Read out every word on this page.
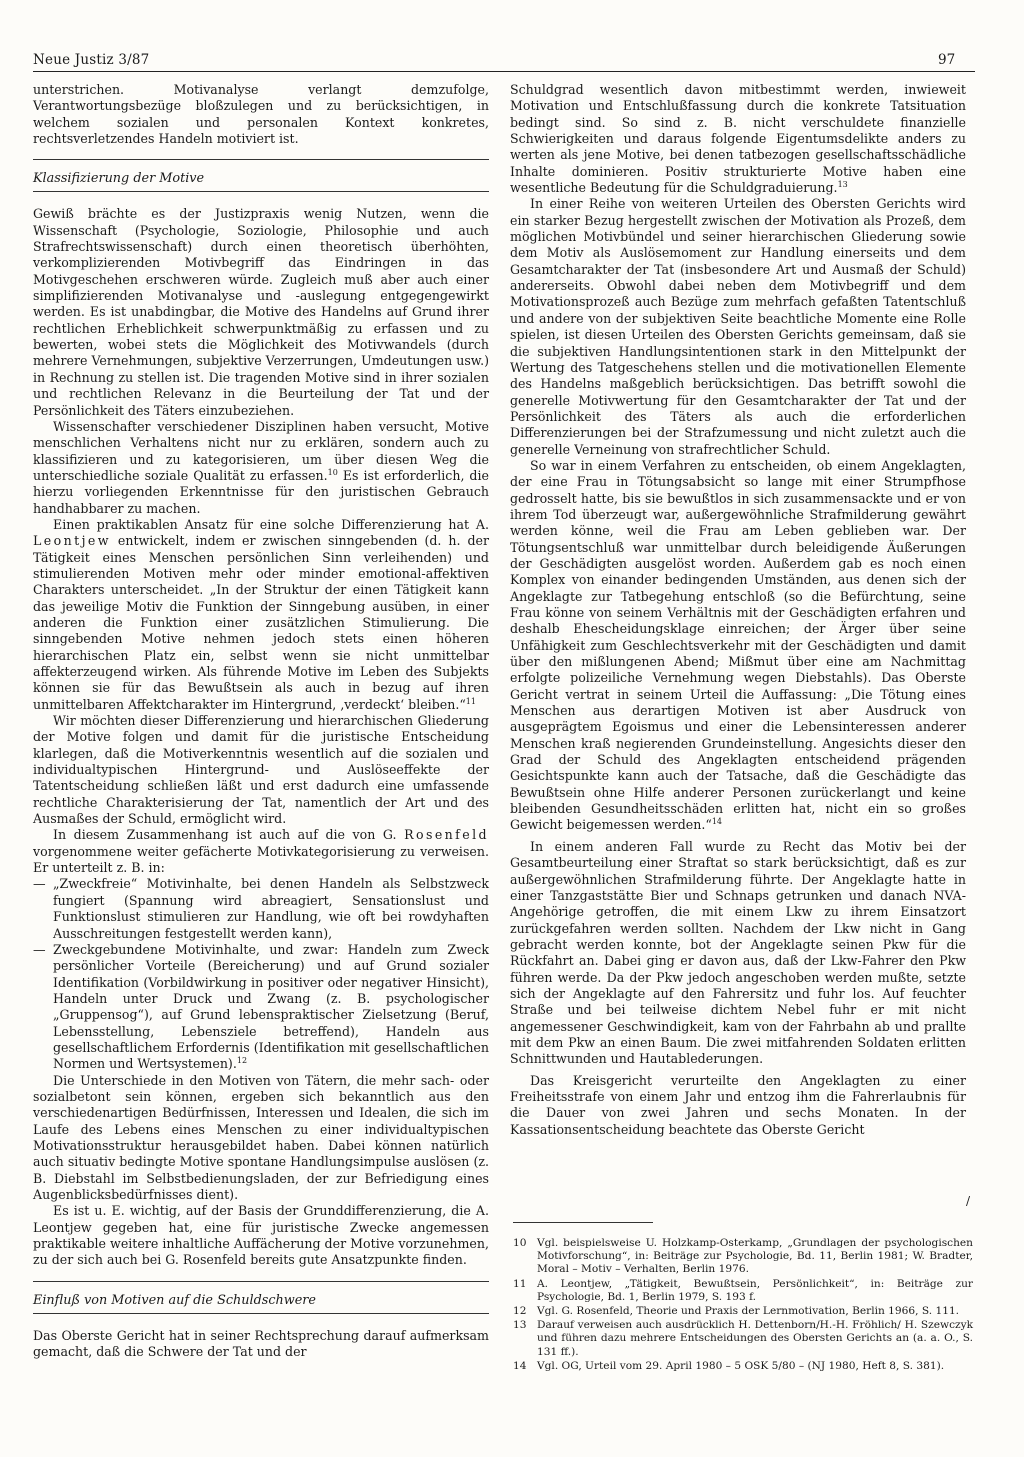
Neue Justiz 3/87	97

unterstrichen. Motivanalyse verlangt demzufolge, Verantwortungsbezüge bloßzulegen und zu berücksichtigen, in welchem sozialen und personalen Kontext konkretes, rechtsverletzendes Handeln motiviert ist.

Klassifizierung der Motive

Gewiß brächte es der Justizpraxis wenig Nutzen, wenn die Wissenschaft (Psychologie, Soziologie, Philosophie und auch Strafrechtswissenschaft) durch einen theoretisch überhöhten, verkomplizierenden Motivbegriff das Eindringen in das Motivgeschehen erschweren würde. Zugleich muß aber auch einer simplifizierenden Motivanalyse und -auslegung entgegengewirkt werden. Es ist unabdingbar, die Motive des Handelns auf Grund ihrer rechtlichen Erheblichkeit schwerpunktmäßig zu erfassen und zu bewerten, wobei stets die Möglichkeit des Motivwandels (durch mehrere Vernehmungen, subjektive Verzerrungen, Umdeutungen usw.) in Rechnung zu stellen ist. Die tragenden Motive sind in ihrer sozialen und rechtlichen Relevanz in die Beurteilung der Tat und der Persönlichkeit des Täters einzubeziehen.

Wissenschafter verschiedener Disziplinen haben versucht, Motive menschlichen Verhaltens nicht nur zu erklären, sondern auch zu klassifizieren und zu kategorisieren, um über diesen Weg die unterschiedliche soziale Qualität zu erfassen.$^{10}$ Es ist erforderlich, die hierzu vorliegenden Erkenntnisse für den juristischen Gebrauch handhabbarer zu machen.

Einen praktikablen Ansatz für eine solche Differenzierung hat A. Leontjew entwickelt, indem er zwischen sinngebenden (d. h. der Tätigkeit eines Menschen persönlichen Sinn verleihenden) und stimulierenden Motiven mehr oder minder emotional-affektiven Charakters unterscheidet. „In der Struktur der einen Tätigkeit kann das jeweilige Motiv die Funktion der Sinngebung ausüben, in einer anderen die Funktion einer zusätzlichen Stimulierung. Die sinngebenden Motive nehmen jedoch stets einen höheren hierarchischen Platz ein, selbst wenn sie nicht unmittelbar affekterzeugend wirken. Als führende Motive im Leben des Subjekts können sie für das Bewußtsein als auch in bezug auf ihren unmittelbaren Affektcharakter im Hintergrund, ‚verdeckt‘ bleiben.“$^{11}$

Wir möchten dieser Differenzierung und hierarchischen Gliederung der Motive folgen und damit für die juristische Entscheidung klarlegen, daß die Motiverkenntnis wesentlich auf die sozialen und individualtypischen Hintergrund- und Auslöseeffekte der Tatentscheidung schließen läßt und erst dadurch eine umfassende rechtliche Charakterisierung der Tat, namentlich der Art und des Ausmaßes der Schuld, ermöglicht wird.

In diesem Zusammenhang ist auch auf die von G. Rosenfeld vorgenommene weiter gefächerte Motivkategorisierung zu verweisen. Er unterteilt z. B. in:

— „Zweckfreie“ Motivinhalte, bei denen Handeln als Selbstzweck fungiert (Spannung wird abreagiert, Sensationslust und Funktionslust stimulieren zur Handlung, wie oft bei rowdyhaften Ausschreitungen festgestellt werden kann),
— Zweckgebundene Motivinhalte, und zwar: Handeln zum Zweck persönlicher Vorteile (Bereicherung) und auf Grund sozialer Identifikation (Vorbildwirkung in positiver oder negativer Hinsicht), Handeln unter Druck und Zwang (z. B. psychologischer „Gruppensog“), auf Grund lebenspraktischer Zielsetzung (Beruf, Lebensstellung, Lebensziele betreffend), Handeln aus gesellschaftlichem Erfordernis (Identifikation mit gesellschaftlichen Normen und Wertsystemen).$^{12}$

Die Unterschiede in den Motiven von Tätern, die mehr sach- oder sozialbetont sein können, ergeben sich bekanntlich aus den verschiedenartigen Bedürfnissen, Interessen und Idealen, die sich im Laufe des Lebens eines Menschen zu einer individualtypischen Motivationsstruktur herausgebildet haben. Dabei können natürlich auch situativ bedingte Motive spontane Handlungsimpulse auslösen (z. B. Diebstahl im Selbstbedienungsladen, der zur Befriedigung eines Augenblicksbedürfnisses dient).

Es ist u. E. wichtig, auf der Basis der Grunddifferenzierung, die A. Leontjew gegeben hat, eine für juristische Zwecke angemessen praktikable weitere inhaltliche Auffächerung der Motive vorzunehmen, zu der sich auch bei G. Rosenfeld bereits gute Ansatzpunkte finden.

Einfluß von Motiven auf die Schuldschwere

Das Oberste Gericht hat in seiner Rechtsprechung darauf aufmerksam gemacht, daß die Schwere der Tat und der

Schuldgrad wesentlich davon mitbestimmt werden, inwieweit Motivation und Entschlußfassung durch die konkrete Tatsituation bedingt sind. So sind z. B. nicht verschuldete finanzielle Schwierigkeiten und daraus folgende Eigentumsdelikte anders zu werten als jene Motive, bei denen tatbezogen gesellschaftsschädliche Inhalte dominieren. Positiv strukturierte Motive haben eine wesentliche Bedeutung für die Schuldgraduierung.$^{13}$

In einer Reihe von weiteren Urteilen des Obersten Gerichts wird ein starker Bezug hergestellt zwischen der Motivation als Prozeß, dem möglichen Motivbündel und seiner hierarchischen Gliederung sowie dem Motiv als Auslösemoment zur Handlung einerseits und dem Gesamtcharakter der Tat (insbesondere Art und Ausmaß der Schuld) andererseits. Obwohl dabei neben dem Motivbegriff und dem Motivationsprozeß auch Bezüge zum mehrfach gefaßten Tatentschluß und andere von der subjektiven Seite beachtliche Momente eine Rolle spielen, ist diesen Urteilen des Obersten Gerichts gemeinsam, daß sie die subjektiven Handlungsintentionen stark in den Mittelpunkt der Wertung des Tatgeschehens stellen und die motivationellen Elemente des Handelns maßgeblich berücksichtigen. Das betrifft sowohl die generelle Motivwertung für den Gesamtcharakter der Tat und der Persönlichkeit des Täters als auch die erforderlichen Differenzierungen bei der Strafzumessung und nicht zuletzt auch die generelle Verneinung von strafrechtlicher Schuld.

So war in einem Verfahren zu entscheiden, ob einem Angeklagten, der eine Frau in Tötungsabsicht so lange mit einer Strumpfhose gedrosselt hatte, bis sie bewußtlos in sich zusammensackte und er von ihrem Tod überzeugt war, außergewöhnliche Strafmilderung gewährt werden könne, weil die Frau am Leben geblieben war. Der Tötungsentschluß war unmittelbar durch beleidigende Äußerungen der Geschädigten ausgelöst worden. Außerdem gab es noch einen Komplex von einander bedingenden Umständen, aus denen sich der Angeklagte zur Tatbegehung entschloß (so die Befürchtung, seine Frau könne von seinem Verhältnis mit der Geschädigten erfahren und deshalb Ehescheidungsklage einreichen; der Ärger über seine Unfähigkeit zum Geschlechtsverkehr mit der Geschädigten und damit über den mißlungenen Abend; Mißmut über eine am Nachmittag erfolgte polizeiliche Vernehmung wegen Diebstahls). Das Oberste Gericht vertrat in seinem Urteil die Auffassung: „Die Tötung eines Menschen aus derartigen Motiven ist aber Ausdruck von ausgeprägtem Egoismus und einer die Lebensinteressen anderer Menschen kraß negierenden Grundeinstellung. Angesichts dieser den Grad der Schuld des Angeklagten entscheidend prägenden Gesichtspunkte kann auch der Tatsache, daß die Geschädigte das Bewußtsein ohne Hilfe anderer Personen zurückerlangt und keine bleibenden Gesundheitsschäden erlitten hat, nicht ein so großes Gewicht beigemessen werden.“$^{14}$

In einem anderen Fall wurde zu Recht das Motiv bei der Gesamtbeurteilung einer Straftat so stark berücksichtigt, daß es zur außergewöhnlichen Strafmilderung führte. Der Angeklagte hatte in einer Tanzgaststätte Bier und Schnaps getrunken und danach NVA-Angehörige getroffen, die mit einem Lkw zu ihrem Einsatzort zurückgefahren werden sollten. Nachdem der Lkw nicht in Gang gebracht werden konnte, bot der Angeklagte seinen Pkw für die Rückfahrt an. Dabei ging er davon aus, daß der Lkw-Fahrer den Pkw führen werde. Da der Pkw jedoch angeschoben werden mußte, setzte sich der Angeklagte auf den Fahrersitz und fuhr los. Auf feuchter Straße und bei teilweise dichtem Nebel fuhr er mit nicht angemessener Geschwindigkeit, kam von der Fahrbahn ab und prallte mit dem Pkw an einen Baum. Die zwei mitfahrenden Soldaten erlitten Schnittwunden und Hautablederungen.

Das Kreisgericht verurteilte den Angeklagten zu einer Freiheitsstrafe von einem Jahr und entzog ihm die Fahrerlaubnis für die Dauer von zwei Jahren und sechs Monaten. In der Kassationsentscheidung beachtete das Oberste Gericht

/
10 Vgl. beispielsweise U. Holzkamp-Osterkamp, „Grundlagen der psychologischen Motivforschung“, in: Beiträge zur Psychologie, Bd. 11, Berlin 1981; W. Bradter, Moral – Motiv – Verhalten, Berlin 1976.
11 A. Leontjew, „Tätigkeit, Bewußtsein, Persönlichkeit“, in: Beiträge zur Psychologie, Bd. 1, Berlin 1979, S. 193 f.
12 Vgl. G. Rosenfeld, Theorie und Praxis der Lernmotivation, Berlin 1966, S. 111.
13 Darauf verweisen auch ausdrücklich H. Dettenborn/H.-H. Fröhlich/ H. Szewczyk und führen dazu mehrere Entscheidungen des Obersten Gerichts an (a. a. O., S. 131 ff.).
14 Vgl. OG, Urteil vom 29. April 1980 – 5 OSK 5/80 – (NJ 1980, Heft 8, S. 381).
